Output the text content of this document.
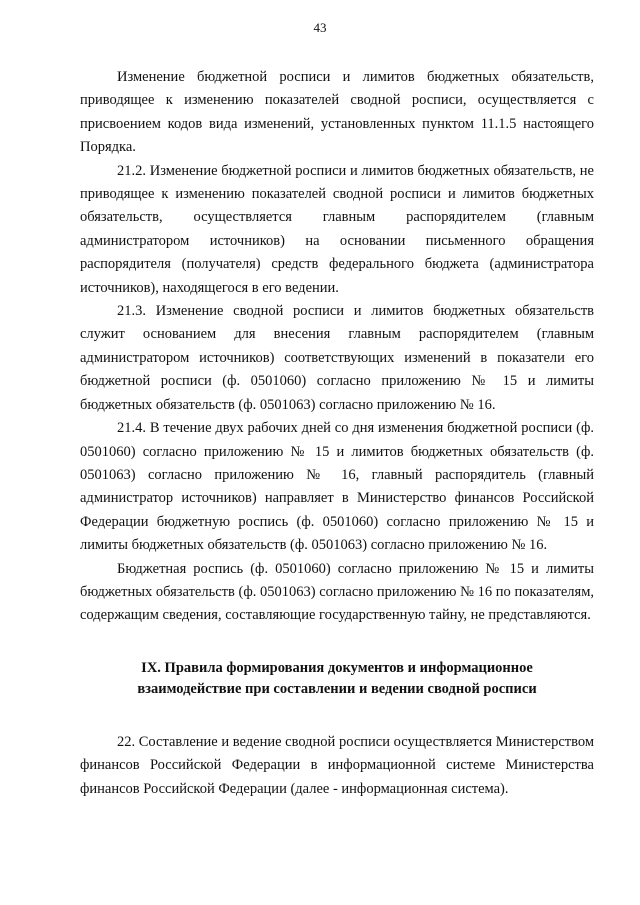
43

Изменение бюджетной росписи и лимитов бюджетных обязательств, приводящее к изменению показателей сводной росписи, осуществляется с присвоением кодов вида изменений, установленных пунктом 11.1.5 настоящего Порядка.

21.2. Изменение бюджетной росписи и лимитов бюджетных обязательств, не приводящее к изменению показателей сводной росписи и лимитов бюджетных обязательств, осуществляется главным распорядителем (главным администратором источников) на основании письменного обращения распорядителя (получателя) средств федерального бюджета (администратора источников), находящегося в его ведении.

21.3. Изменение сводной росписи и лимитов бюджетных обязательств служит основанием для внесения главным распорядителем (главным администратором источников) соответствующих изменений в показатели его бюджетной росписи (ф. 0501060) согласно приложению № 15 и лимиты бюджетных обязательств (ф. 0501063) согласно приложению № 16.

21.4. В течение двух рабочих дней со дня изменения бюджетной росписи (ф. 0501060) согласно приложению № 15 и лимитов бюджетных обязательств (ф. 0501063) согласно приложению № 16, главный распорядитель (главный администратор источников) направляет в Министерство финансов Российской Федерации бюджетную роспись (ф. 0501060) согласно приложению № 15 и лимиты бюджетных обязательств (ф. 0501063) согласно приложению № 16.

Бюджетная роспись (ф. 0501060) согласно приложению № 15 и лимиты бюджетных обязательств (ф. 0501063) согласно приложению № 16 по показателям, содержащим сведения, составляющие государственную тайну, не представляются.

IX. Правила формирования документов и информационное
взаимодействие при составлении и ведении сводной росписи

22. Составление и ведение сводной росписи осуществляется Министерством финансов Российской Федерации в информационной системе Министерства финансов Российской Федерации (далее - информационная система).
